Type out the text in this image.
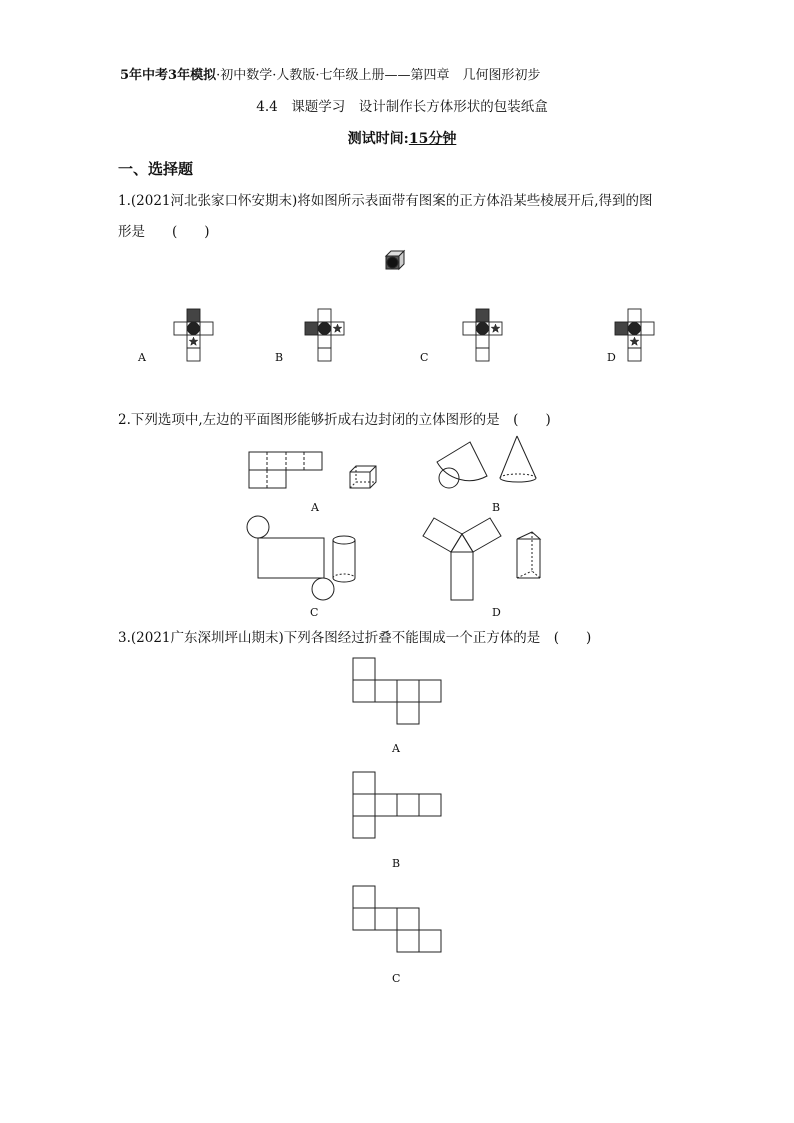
5年中考3年模拟·初中数学·人教版·七年级上册——第四章　几何图形初步
4.4　课题学习　设计制作长方体形状的包装纸盒
测试时间:15分钟
一、选择题
1.(2021河北张家口怀安期末)将如图所示表面带有图案的正方体沿某些棱展开后,得到的图
形是　　(　　)
A	B	C	D
2.下列选项中,左边的平面图形能够折成右边封闭的立体图形的是　(　　)
A	B
C	D
3.(2021广东深圳坪山期末)下列各图经过折叠不能围成一个正方体的是　(　　)
A
B
C
